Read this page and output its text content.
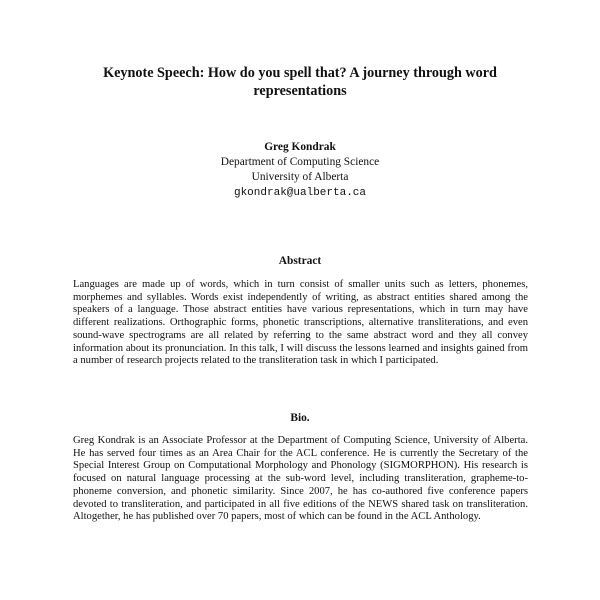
Keynote Speech: How do you spell that? A journey through word representations
Greg Kondrak
Department of Computing Science
University of Alberta
gkondrak@ualberta.ca
Abstract

Languages are made up of words, which in turn consist of smaller units such as letters, phonemes, morphemes and syllables. Words exist independently of writing, as abstract entities shared among the speakers of a language. Those abstract entities have various representations, which in turn may have different realizations. Orthographic forms, phonetic transcriptions, alternative transliterations, and even sound-wave spectrograms are all related by referring to the same abstract word and they all convey information about its pronunciation. In this talk, I will discuss the lessons learned and insights gained from a number of research projects related to the transliteration task in which I participated.

Bio.

Greg Kondrak is an Associate Professor at the Department of Computing Science, University of Alberta. He has served four times as an Area Chair for the ACL conference. He is currently the Secretary of the Special Interest Group on Computational Morphology and Phonology (SIGMORPHON). His research is focused on natural language processing at the sub-word level, including transliteration, grapheme-to-phoneme conversion, and phonetic similarity. Since 2007, he has co-authored five conference papers devoted to transliteration, and participated in all five editions of the NEWS shared task on transliteration. Altogether, he has published over 70 papers, most of which can be found in the ACL Anthology.
